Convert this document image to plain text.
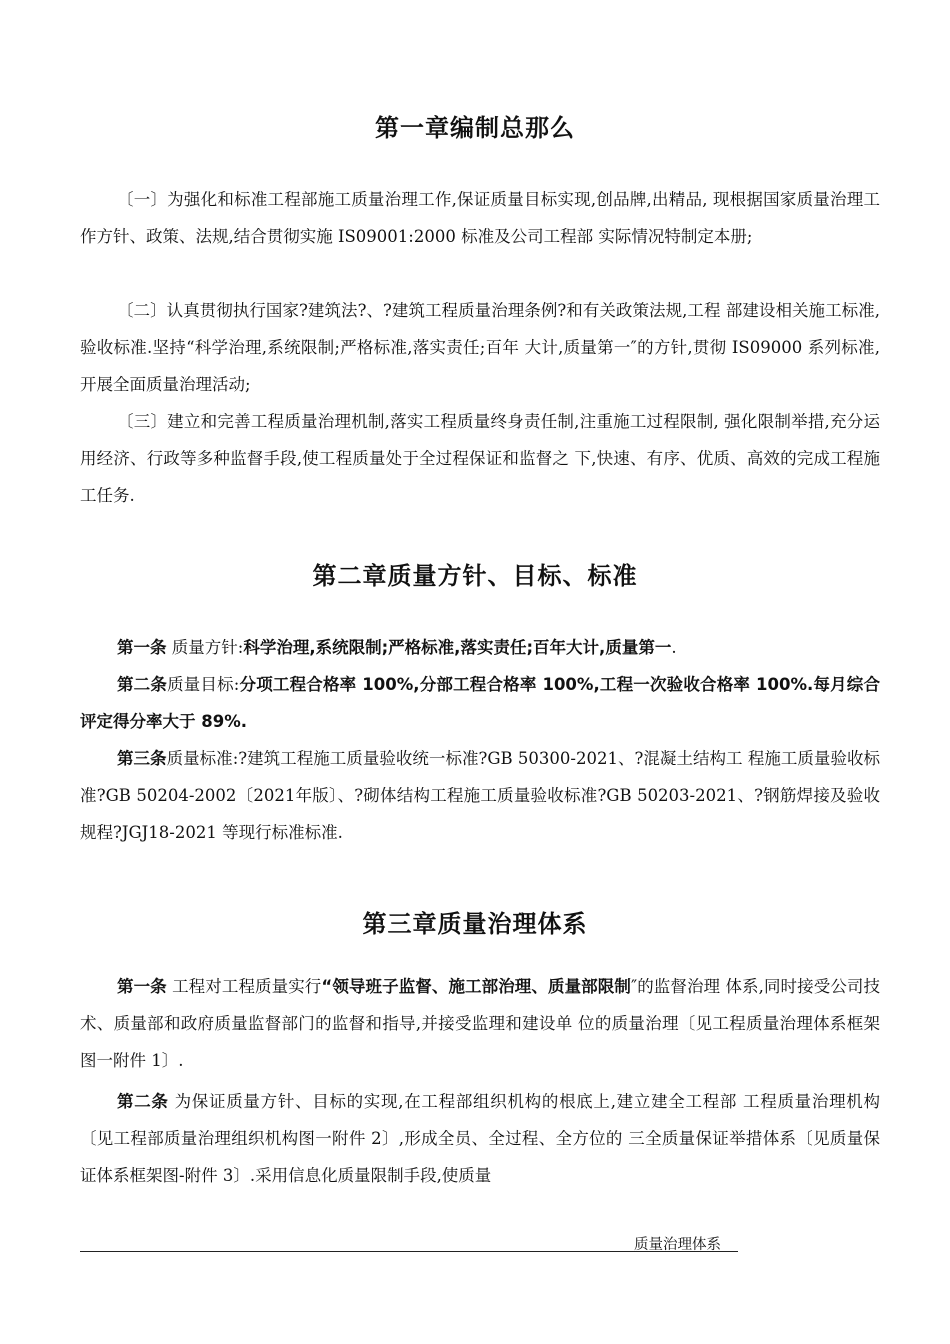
第一章编制总那么
〔一〕为强化和标准工程部施工质量治理工作,保证质量目标实现,创品牌,出精品, 现根据国家质量治理工作方针、政策、法规,结合贯彻实施 IS09001:2000 标准及公司工程部 实际情况特制定本册;
〔二〕认真贯彻执行国家?建筑法?、?建筑工程质量治理条例?和有关政策法规,工程 部建设相关施工标准,验收标准.坚持“科学治理,系统限制;严格标准,落实责任;百年 大计,质量第一″的方针,贯彻 IS09000 系列标准,开展全面质量治理活动;
〔三〕建立和完善工程质量治理机制,落实工程质量终身责任制,注重施工过程限制, 强化限制举措,充分运用经济、行政等多种监督手段,使工程质量处于全过程保证和监督之 下,快速、有序、优质、高效的完成工程施工任务.
第二章质量方针、目标、标准
第一条 质量方针:科学治理,系统限制;严格标准,落实责任;百年大计,质量第一.
第二条质量目标:分项工程合格率 100%,分部工程合格率 100%,工程一次验收合格率 100%.每月综合评定得分率大于 89%.
第三条质量标准:?建筑工程施工质量验收统一标准?GB 50300-2021、?混凝土结构工 程施工质量验收标准?GB 50204-2002〔2021年版〕、?砌体结构工程施工质量验收标准?GB 50203-2021、?钢筋焊接及验收规程?JGJ18-2021 等现行标准标准.
第三章质量治理体系
第一条 工程对工程质量实行“领导班子监督、施工部治理、质量部限制″的监督治理 体系,同时接受公司技术、质量部和政府质量监督部门的监督和指导,并接受监理和建设单 位的质量治理〔见工程质量治理体系框架图一附件 1〕.
第二条 为保证质量方针、目标的实现,在工程部组织机构的根底上,建立建全工程部 工程质量治理机构〔见工程部质量治理组织机构图一附件 2〕,形成全员、全过程、全方位的 三全质量保证举措体系〔见质量保证体系框架图-附件 3〕.采用信息化质量限制手段,使质量
质量治理体系
